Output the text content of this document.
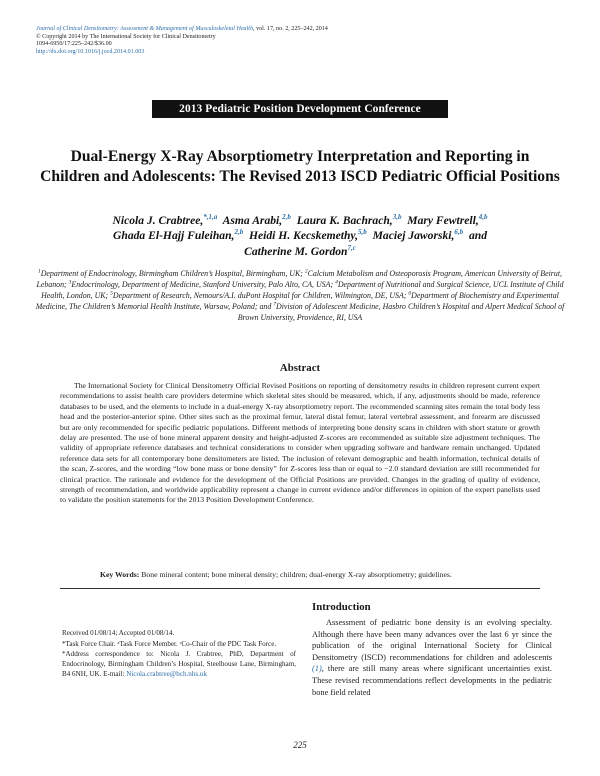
Journal of Clinical Densitometry: Assessment & Management of Musculoskeletal Health, vol. 17, no. 2, 225–242, 2014
© Copyright 2014 by The International Society for Clinical Densitometry
1094-6950/17:225–242/$36.00
http://dx.doi.org/10.1016/j.jocd.2014.01.003
2013 Pediatric Position Development Conference
Dual-Energy X-Ray Absorptiometry Interpretation and Reporting in Children and Adolescents: The Revised 2013 ISCD Pediatric Official Positions
Nicola J. Crabtree,$^{*,1,a}$ Asma Arabi,$^{2,b}$ Laura K. Bachrach,$^{3,b}$ Mary Fewtrell,$^{4,b}$
Ghada El-Hajj Fuleihan,$^{2,b}$ Heidi H. Kecskemethy,$^{5,b}$ Maciej Jaworski,$^{6,b}$ and
Catherine M. Gordon$^{7,c}$
$^1$Department of Endocrinology, Birmingham Children’s Hospital, Birmingham, UK; $^2$Calcium Metabolism and Osteoporosis Program, American University of Beirut, Lebanon; $^3$Endocrinology, Department of Medicine, Stanford University, Palo Alto, CA, USA; $^4$Department of Nutritional and Surgical Science, UCL Institute of Child Health, London, UK; $^5$Department of Research, Nemours/A.I. duPont Hospital for Children, Wilmington, DE, USA; $^6$Department of Biochemistry and Experimental Medicine, The Children’s Memorial Health Institute, Warsaw, Poland; and $^7$Division of Adolescent Medicine, Hasbro Children’s Hospital and Alpert Medical School of Brown University, Providence, RI, USA
Abstract

The International Society for Clinical Densitometry Official Revised Positions on reporting of densitometry results in children represent current expert recommendations to assist health care providers determine which skeletal sites should be measured, which, if any, adjustments should be made, reference databases to be used, and the elements to include in a dual-energy X-ray absorptiometry report. The recommended scanning sites remain the total body less head and the posterior-anterior spine. Other sites such as the proximal femur, lateral distal femur, lateral vertebral assessment, and forearm are discussed but are only recommended for specific pediatric populations. Different methods of interpreting bone density scans in children with short stature or growth delay are presented. The use of bone mineral apparent density and height-adjusted Z-scores are recommended as suitable size adjustment techniques. The validity of appropriate reference databases and technical considerations to consider when upgrading software and hardware remain unchanged. Updated reference data sets for all contemporary bone densitometers are listed. The inclusion of relevant demographic and health information, technical details of the scan, Z-scores, and the wording “low bone mass or bone density” for Z-scores less than or equal to −2.0 standard deviation are still recommended for clinical practice. The rationale and evidence for the development of the Official Positions are provided. Changes in the grading of quality of evidence, strength of recommendation, and worldwide applicability represent a change in current evidence and/or differences in opinion of the expert panelists used to validate the position statements for the 2013 Position Development Conference.

Key Words: Bone mineral content; bone mineral density; children; dual-energy X-ray absorptiometry; guidelines.

Received 01/08/14; Accepted 01/08/14.
*Task Force Chair. ᵃTask Force Member. ᶜCo-Chair of the PDC Task Force.
*Address correspondence to: Nicola J. Crabtree, PhD, Department of Endocrinology, Birmingham Children’s Hospital, Steelhouse Lane, Birmingham, B4 6NH, UK. E-mail: Nicola.crabtree@bch.nhs.uk
Introduction

Assessment of pediatric bone density is an evolving specialty. Although there have been many advances over the last 6 yr since the publication of the original International Society for Clinical Densitometry (ISCD) recommendations for children and adolescents (1), there are still many areas where significant uncertainties exist. These revised recommendations reflect developments in the pediatric bone field related

225
